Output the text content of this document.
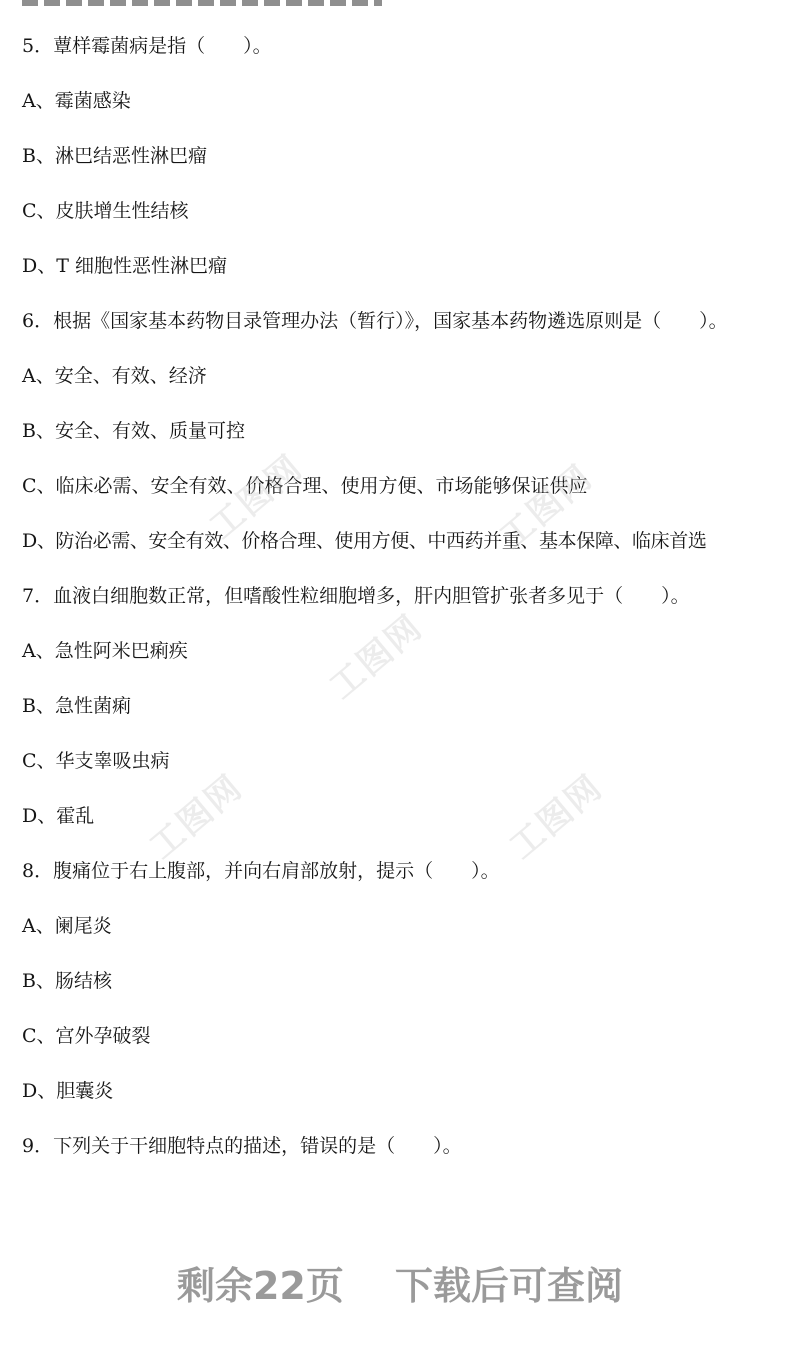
5．蕈样霉菌病是指（　　）。
A、霉菌感染
B、淋巴结恶性淋巴瘤
C、皮肤增生性结核
D、T 细胞性恶性淋巴瘤
6．根据《国家基本药物目录管理办法（暂行）》，国家基本药物遴选原则是（　　）。
A、安全、有效、经济
B、安全、有效、质量可控
C、临床必需、安全有效、价格合理、使用方便、市场能够保证供应
D、防治必需、安全有效、价格合理、使用方便、中西药并重、基本保障、临床首选
7．血液白细胞数正常，但嗜酸性粒细胞增多，肝内胆管扩张者多见于（　　）。
A、急性阿米巴痢疾
B、急性菌痢
C、华支睾吸虫病
D、霍乱
8．腹痛位于右上腹部，并向右肩部放射，提示（　　）。
A、阑尾炎
B、肠结核
C、宫外孕破裂
D、胆囊炎
9．下列关于干细胞特点的描述，错误的是（　　）。
工图网	工图网
工图网
工图网	工图网
剩余22页　 下载后可查阅
